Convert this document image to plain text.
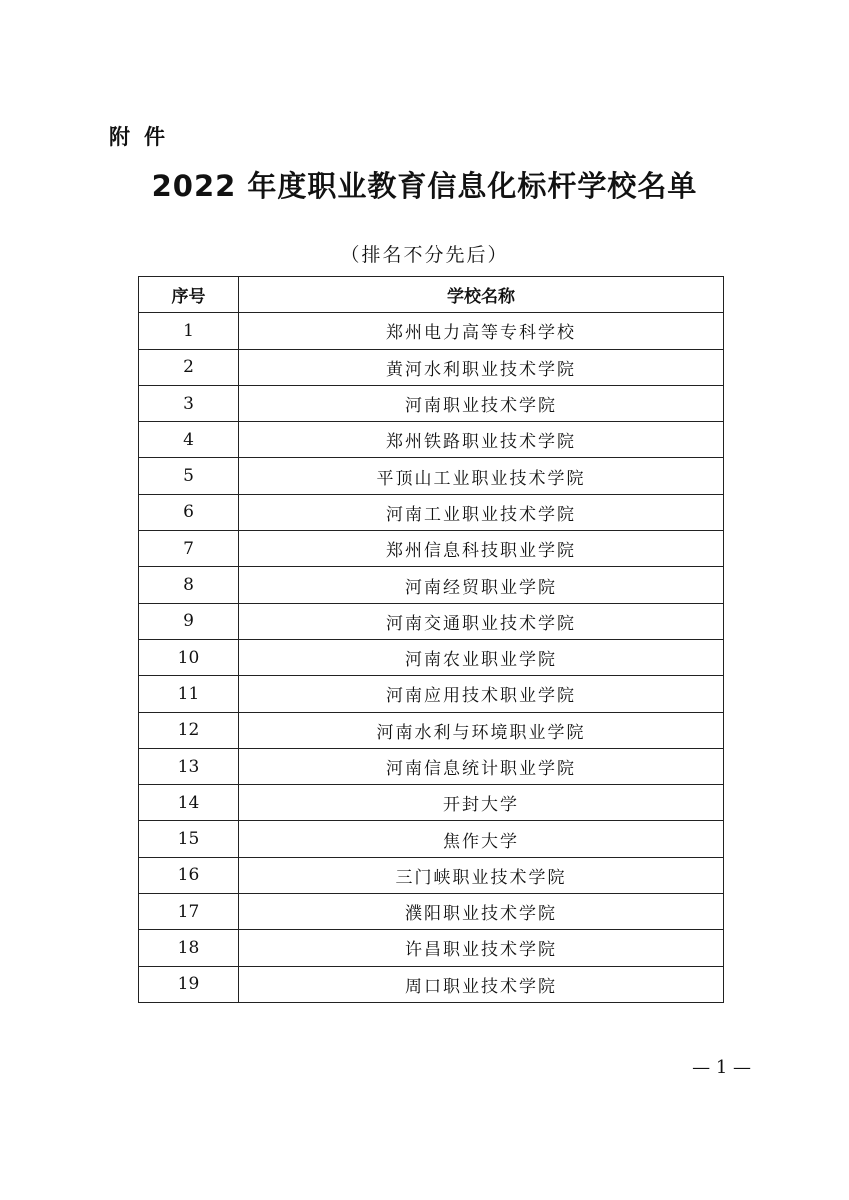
附件
2022 年度职业教育信息化标杆学校名单
（排名不分先后）
序号	学校名称
1	郑州电力高等专科学校
2	黄河水利职业技术学院
3	河南职业技术学院
4	郑州铁路职业技术学院
5	平顶山工业职业技术学院
6	河南工业职业技术学院
7	郑州信息科技职业学院
8	河南经贸职业学院
9	河南交通职业技术学院
10	河南农业职业学院
11	河南应用技术职业学院
12	河南水利与环境职业学院
13	河南信息统计职业学院
14	开封大学
15	焦作大学
16	三门峡职业技术学院
17	濮阳职业技术学院
18	许昌职业技术学院
19	周口职业技术学院
— 1 —
